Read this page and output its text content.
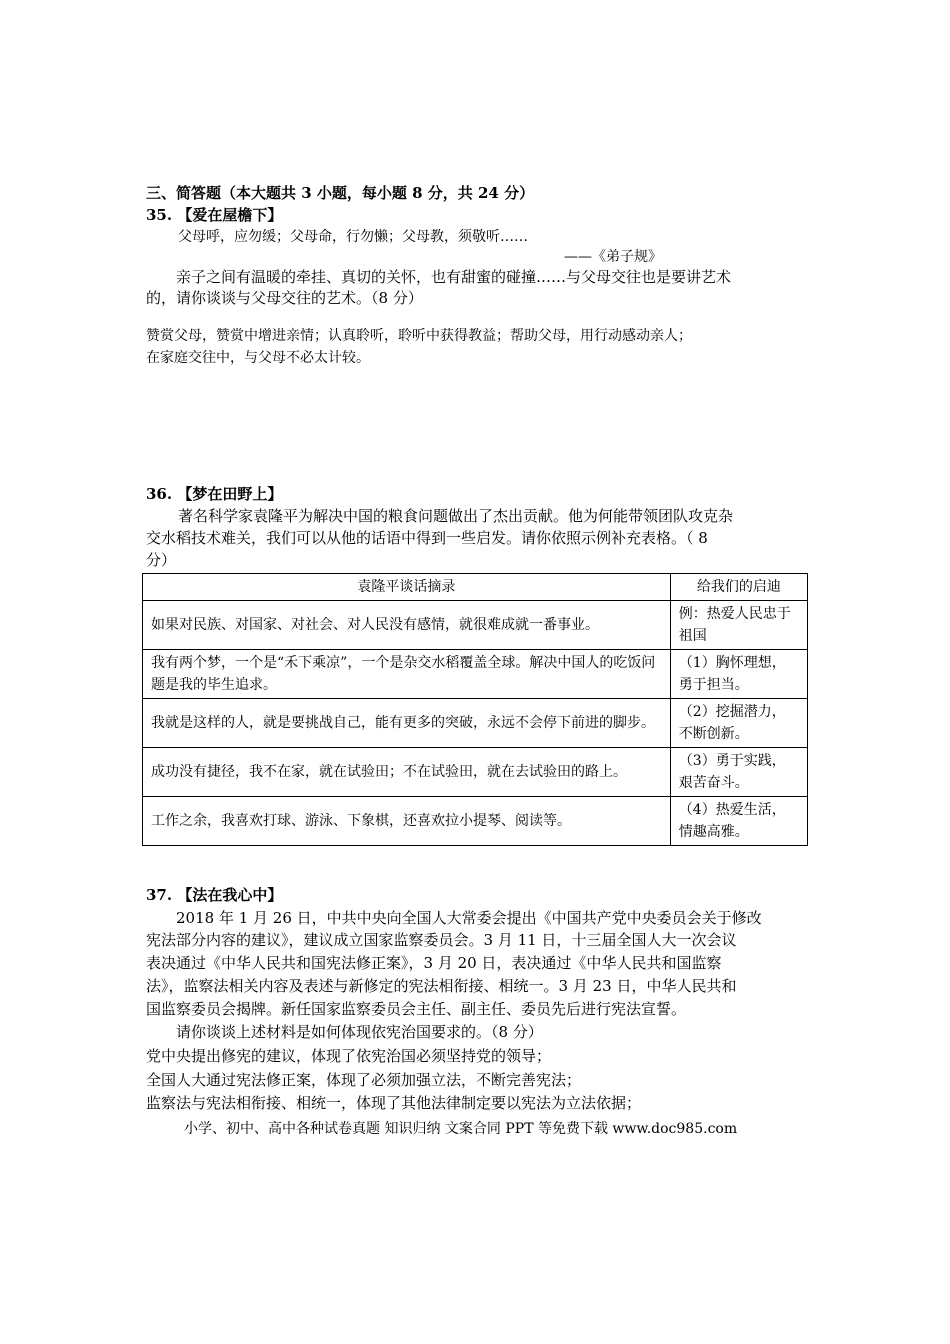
三、简答题（本大题共 3 小题，每小题 8 分，共 24 分）
35. 【爱在屋檐下】
父母呼，应勿缓；父母命，行勿懒；父母教，须敬听……
——《弟子规》
亲子之间有温暖的牵挂、真切的关怀，也有甜蜜的碰撞……与父母交往也是要讲艺术
的，请你谈谈与父母交往的艺术。（8 分）
赞赏父母，赞赏中增进亲情；认真聆听，聆听中获得教益；帮助父母，用行动感动亲人；
在家庭交往中，与父母不必太计较。
36. 【梦在田野上】
著名科学家袁隆平为解决中国的粮食问题做出了杰出贡献。他为何能带领团队攻克杂
交水稻技术难关，我们可以从他的话语中得到一些启发。请你依照示例补充表格。（ 8
分）
袁隆平谈话摘录	给我们的启迪
如果对民族、对国家、对社会、对人民没有感情，就很难成就一番事业。	例：热爱人民忠于祖国
我有两个梦，一个是“禾下乘凉”，一个是杂交水稻覆盖全球。解决中国人的吃饭问题是我的毕生追求。	（1）胸怀理想，勇于担当。
我就是这样的人，就是要挑战自己，能有更多的突破，永远不会停下前进的脚步。	（2）挖掘潜力，不断创新。
成功没有捷径，我不在家，就在试验田；不在试验田，就在去试验田的路上。	（3）勇于实践，艰苦奋斗。
工作之余，我喜欢打球、游泳、下象棋，还喜欢拉小提琴、阅读等。	（4）热爱生活，情趣高雅。
37. 【法在我心中】
2018 年 1 月 26 日，中共中央向全国人大常委会提出《中国共产党中央委员会关于修改
宪法部分内容的建议》，建议成立国家监察委员会。3 月 11 日，十三届全国人大一次会议
表决通过《中华人民共和国宪法修正案》，3 月 20 日，表决通过《中华人民共和国监察
法》，监察法相关内容及表述与新修定的宪法相衔接、相统一。3 月 23 日，中华人民共和
国监察委员会揭牌。新任国家监察委员会主任、副主任、委员先后进行宪法宣誓。
请你谈谈上述材料是如何体现依宪治国要求的。（8 分）
党中央提出修宪的建议，体现了依宪治国必须坚持党的领导；
全国人大通过宪法修正案，体现了必须加强立法，不断完善宪法；
监察法与宪法相衔接、相统一，体现了其他法律制定要以宪法为立法依据；
小学、初中、高中各种试卷真题 知识归纳 文案合同 PPT 等免费下载 www.doc985.com
